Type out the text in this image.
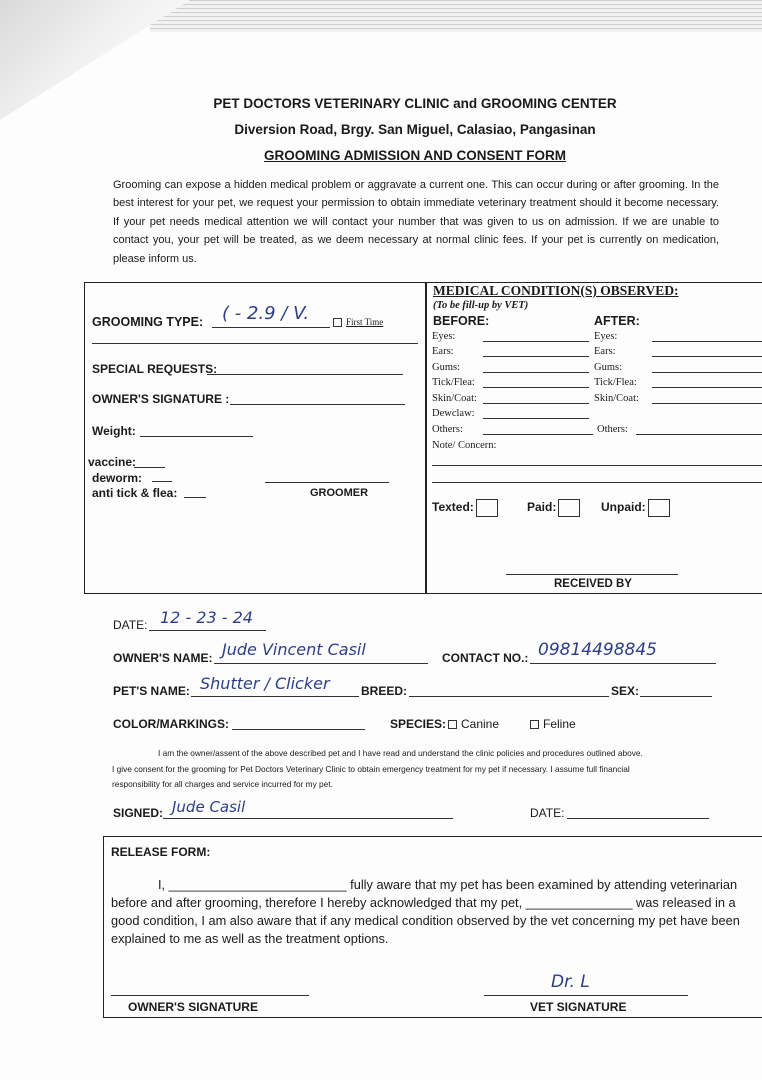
PET DOCTORS VETERINARY CLINIC and GROOMING CENTER
Diversion Road, Brgy. San Miguel, Calasiao, Pangasinan
GROOMING ADMISSION AND CONSENT FORM
Grooming can expose a hidden medical problem or aggravate a current one. This can occur during or after grooming. In the best interest for your pet, we request your permission to obtain immediate veterinary treatment should it become necessary. If your pet needs medical attention we will contact your number that was given to us on admission. If we are unable to contact you, your pet will be treated, as we deem necessary at normal clinic fees. If your pet is currently on medication, please inform us.
GROOMING TYPE: ( - 2.9 / V.	First Time
SPECIAL REQUESTS:
OWNER'S SIGNATURE :
Weight:
vaccine:
deworm:
anti tick & flea:	GROOMER
MEDICAL CONDITION(S) OBSERVED:
(To be fill-up by VET)
BEFORE:	AFTER:
Eyes:	Eyes:
Ears:	Ears:
Gums:	Gums:
Tick/Flea:	Tick/Flea:
Skin/Coat:	Skin/Coat:
Dewclaw:
Others:	Others:
Note/ Concern:
Texted:	Paid:	Unpaid:
RECEIVED BY
DATE: 12 - 23 - 24
OWNER'S NAME: Jude Vincent Casil	CONTACT NO.: 09814498845
PET'S NAME: Shutter / Clicker	BREED:	SEX:
COLOR/MARKINGS:	SPECIES:	Canine	Feline
I am the owner/assent of the above described pet and I have read and understand the clinic policies and procedures outlined above.
I give consent for the grooming for Pet Doctors Veterinary Clinic to obtain emergency treatment for my pet if necessary. I assume full financial
responsibility for all charges and service incurred for my pet.
SIGNED: Jude Casil	DATE:
RELEASE FORM:
I, _________________________ fully aware that my pet has been examined by attending veterinarian
before and after grooming, therefore I hereby acknowledged that my pet, _______________ was released in a
good condition, I am also aware that if any medical condition observed by the vet concerning my pet have been
explained to me as well as the treatment options.
OWNER'S SIGNATURE
Dr. L
VET SIGNATURE
